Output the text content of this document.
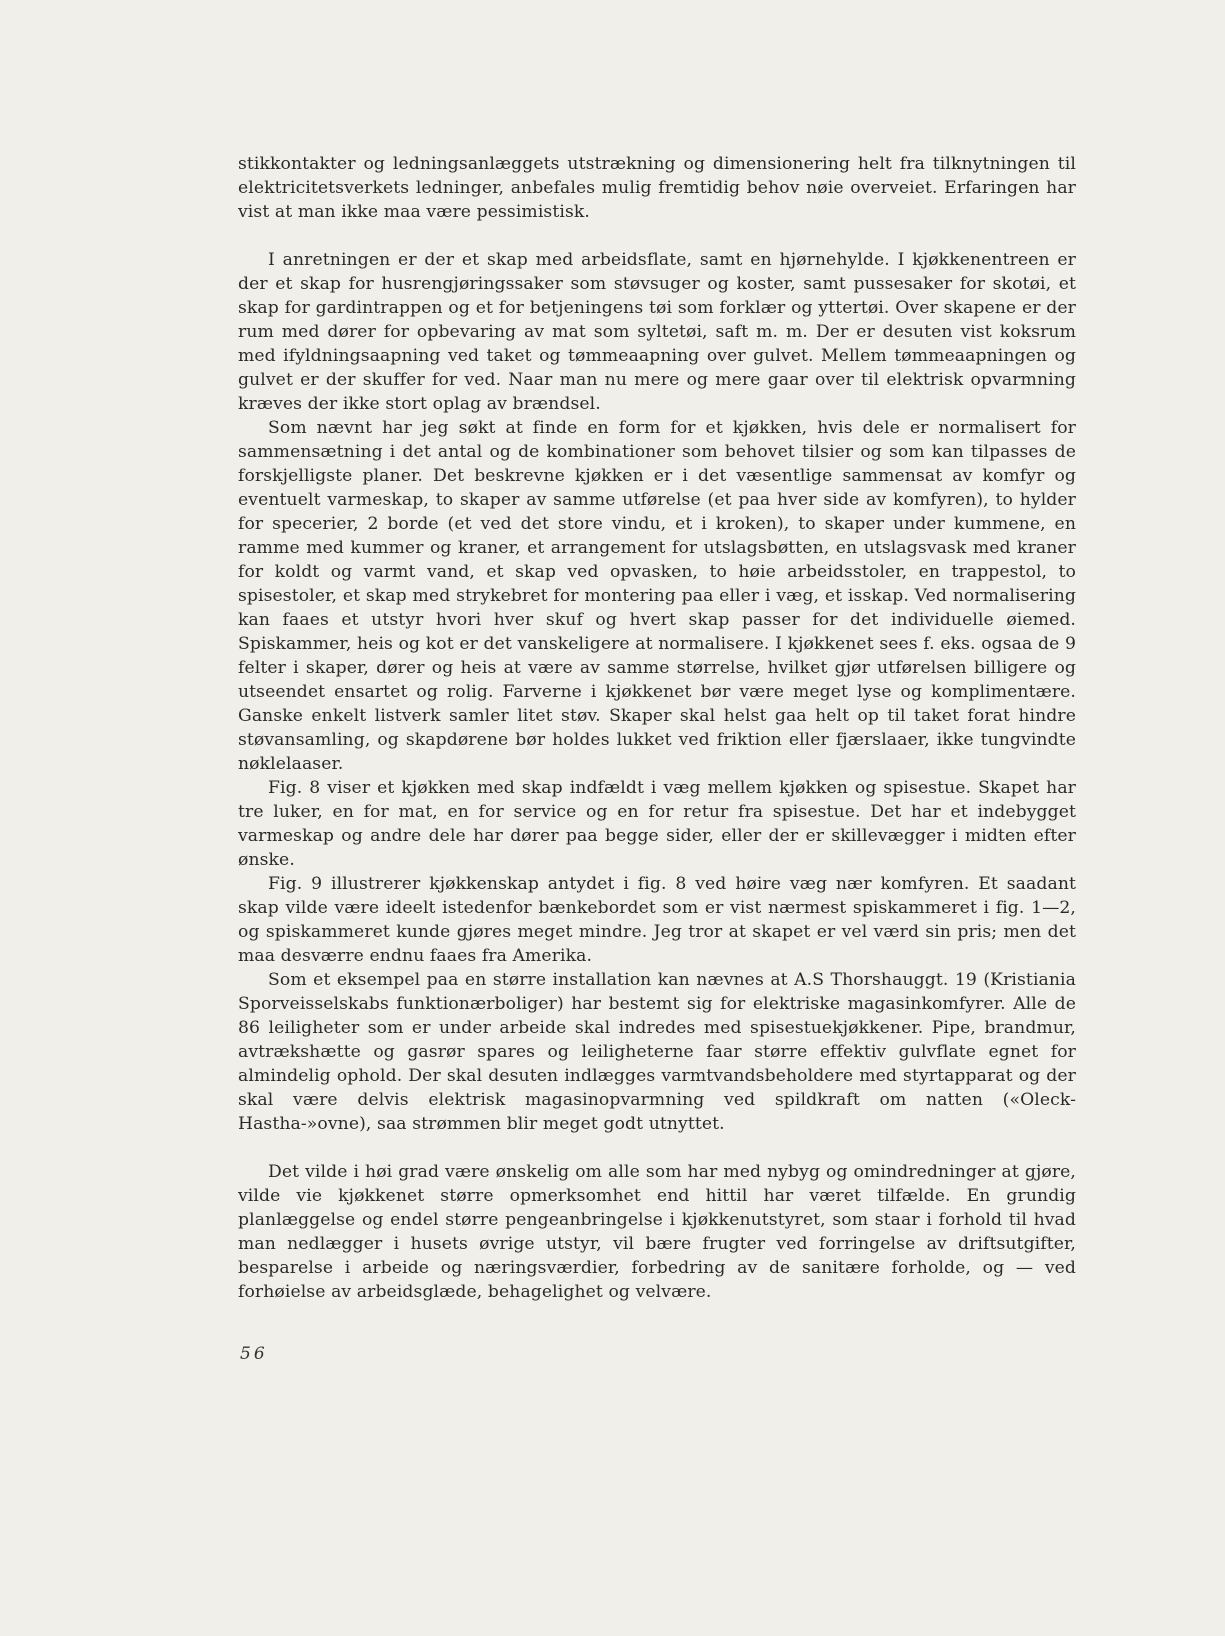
stikkontakter og ledningsanlæggets utstrækning og dimensionering helt fra tilknytningen til elektricitetsverkets ledninger, anbefales mulig fremtidig behov nøie overveiet. Erfaringen har vist at man ikke maa være pessimistisk.

I anretningen er der et skap med arbeidsflate, samt en hjørnehylde. I kjøkkenentreen er der et skap for husrengjøringssaker som støvsuger og koster, samt pussesaker for skotøi, et skap for gardintrappen og et for betjeningens tøi som forklær og yttertøi. Over skapene er der rum med dører for opbevaring av mat som syltetøi, saft m. m. Der er desuten vist koksrum med ifyldningsaapning ved taket og tømmeaapning over gulvet. Mellem tømmeaapningen og gulvet er der skuffer for ved. Naar man nu mere og mere gaar over til elektrisk opvarmning kræves der ikke stort oplag av brændsel.

Som nævnt har jeg søkt at finde en form for et kjøkken, hvis dele er normalisert for sammensætning i det antal og de kombinationer som behovet tilsier og som kan tilpasses de forskjelligste planer. Det beskrevne kjøkken er i det væsentlige sammensat av komfyr og eventuelt varmeskap, to skaper av samme utførelse (et paa hver side av komfyren), to hylder for specerier, 2 borde (et ved det store vindu, et i kroken), to skaper under kummene, en ramme med kummer og kraner, et arrangement for utslagsbøtten, en utslagsvask med kraner for koldt og varmt vand, et skap ved opvasken, to høie arbeidsstoler, en trappestol, to spisestoler, et skap med strykebret for montering paa eller i væg, et isskap. Ved normalisering kan faaes et utstyr hvori hver skuf og hvert skap passer for det individuelle øiemed. Spiskammer, heis og kot er det vanskeligere at normalisere. I kjøkkenet sees f. eks. ogsaa de 9 felter i skaper, dører og heis at være av samme størrelse, hvilket gjør utførelsen billigere og utseendet ensartet og rolig. Farverne i kjøkkenet bør være meget lyse og komplimentære. Ganske enkelt listverk samler litet støv. Skaper skal helst gaa helt op til taket forat hindre støvansamling, og skapdørene bør holdes lukket ved friktion eller fjærslaaer, ikke tungvindte nøklelaaser.

Fig. 8 viser et kjøkken med skap indfældt i væg mellem kjøkken og spisestue. Skapet har tre luker, en for mat, en for service og en for retur fra spisestue. Det har et indebygget varmeskap og andre dele har dører paa begge sider, eller der er skillevægger i midten efter ønske.

Fig. 9 illustrerer kjøkkenskap antydet i fig. 8 ved høire væg nær komfyren. Et saadant skap vilde være ideelt istedenfor bænkebordet som er vist nærmest spiskammeret i fig. 1—2, og spiskammeret kunde gjøres meget mindre. Jeg tror at skapet er vel værd sin pris; men det maa desværre endnu faaes fra Amerika.

Som et eksempel paa en større installation kan nævnes at A.S Thorshauggt. 19 (Kristiania Sporveisselskabs funktionærboliger) har bestemt sig for elektriske magasinkomfyrer. Alle de 86 leiligheter som er under arbeide skal indredes med spisestuekjøkkener. Pipe, brandmur, avtrækshætte og gasrør spares og leiligheterne faar større effektiv gulvflate egnet for almindelig ophold. Der skal desuten indlægges varmtvandsbeholdere med styrtapparat og der skal være delvis elektrisk magasinopvarmning ved spildkraft om natten («Oleck-Hastha-»ovne), saa strømmen blir meget godt utnyttet.

Det vilde i høi grad være ønskelig om alle som har med nybyg og omindredninger at gjøre, vilde vie kjøkkenet større opmerksomhet end hittil har været tilfælde. En grundig planlæggelse og endel større pengeanbringelse i kjøkkenutstyret, som staar i forhold til hvad man nedlægger i husets øvrige utstyr, vil bære frugter ved forringelse av driftsutgifter, besparelse i arbeide og næringsværdier, forbedring av de sanitære forholde, og — ved forhøielse av arbeidsglæde, behagelighet og velvære.

56
